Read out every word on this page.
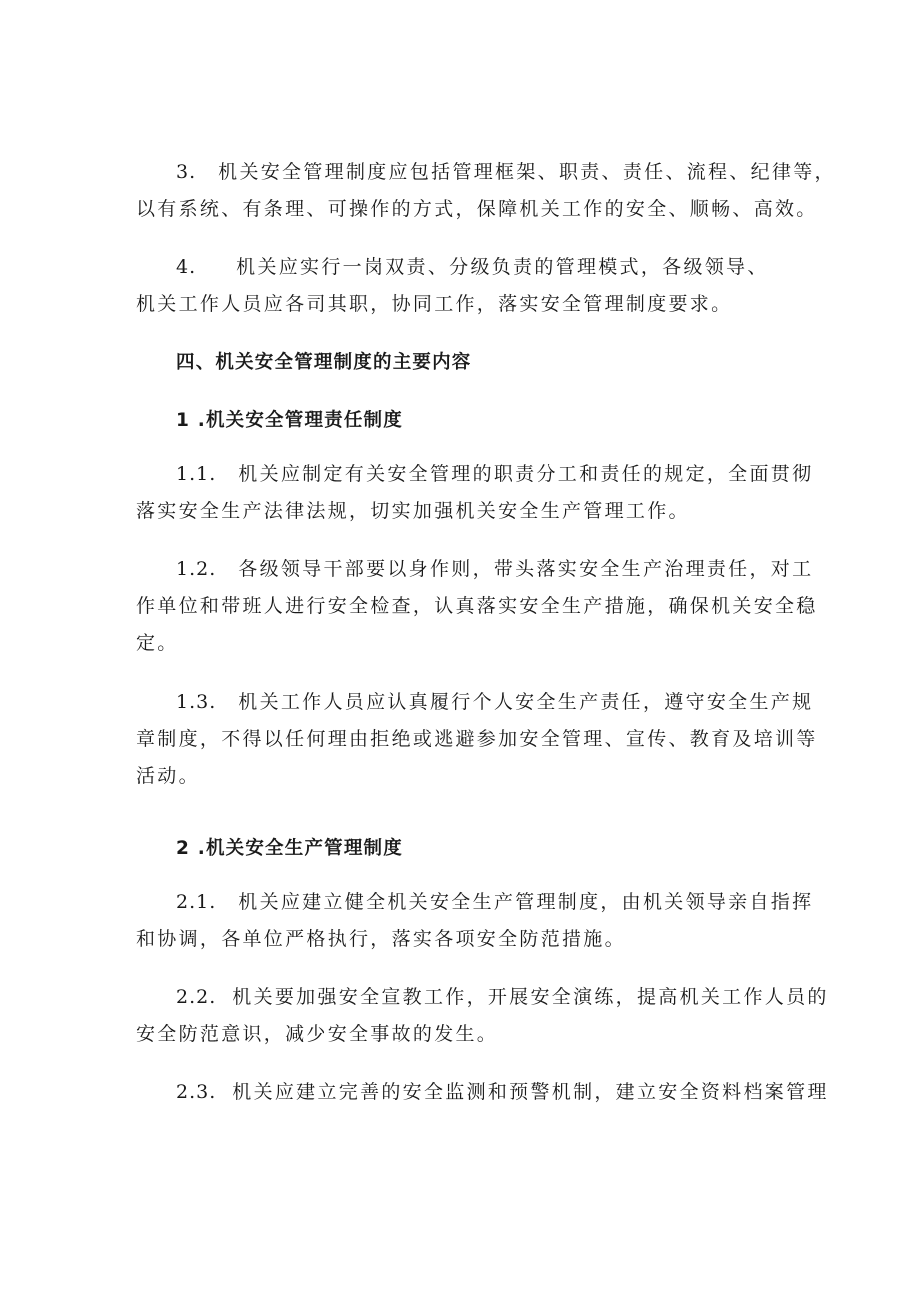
3. 机关安全管理制度应包括管理框架、职责、责任、流程、纪律等，
以有系统、有条理、可操作的方式，保障机关工作的安全、顺畅、高效。
4. 机关应实行一岗双责、分级负责的管理模式，各级领导、
机关工作人员应各司其职，协同工作，落实安全管理制度要求。
四、机关安全管理制度的主要内容
1 .机关安全管理责任制度
1.1. 机关应制定有关安全管理的职责分工和责任的规定，全面贯彻
落实安全生产法律法规，切实加强机关安全生产管理工作。
1.2. 各级领导干部要以身作则，带头落实安全生产治理责任，对工
作单位和带班人进行安全检查，认真落实安全生产措施，确保机关安全稳
定。
1.3. 机关工作人员应认真履行个人安全生产责任，遵守安全生产规
章制度，不得以任何理由拒绝或逃避参加安全管理、宣传、教育及培训等
活动。
2 .机关安全生产管理制度
2.1. 机关应建立健全机关安全生产管理制度，由机关领导亲自指挥
和协调，各单位严格执行，落实各项安全防范措施。
2.2. 机关要加强安全宣教工作，开展安全演练，提高机关工作人员的
安全防范意识，减少安全事故的发生。
2.3. 机关应建立完善的安全监测和预警机制，建立安全资料档案管理
